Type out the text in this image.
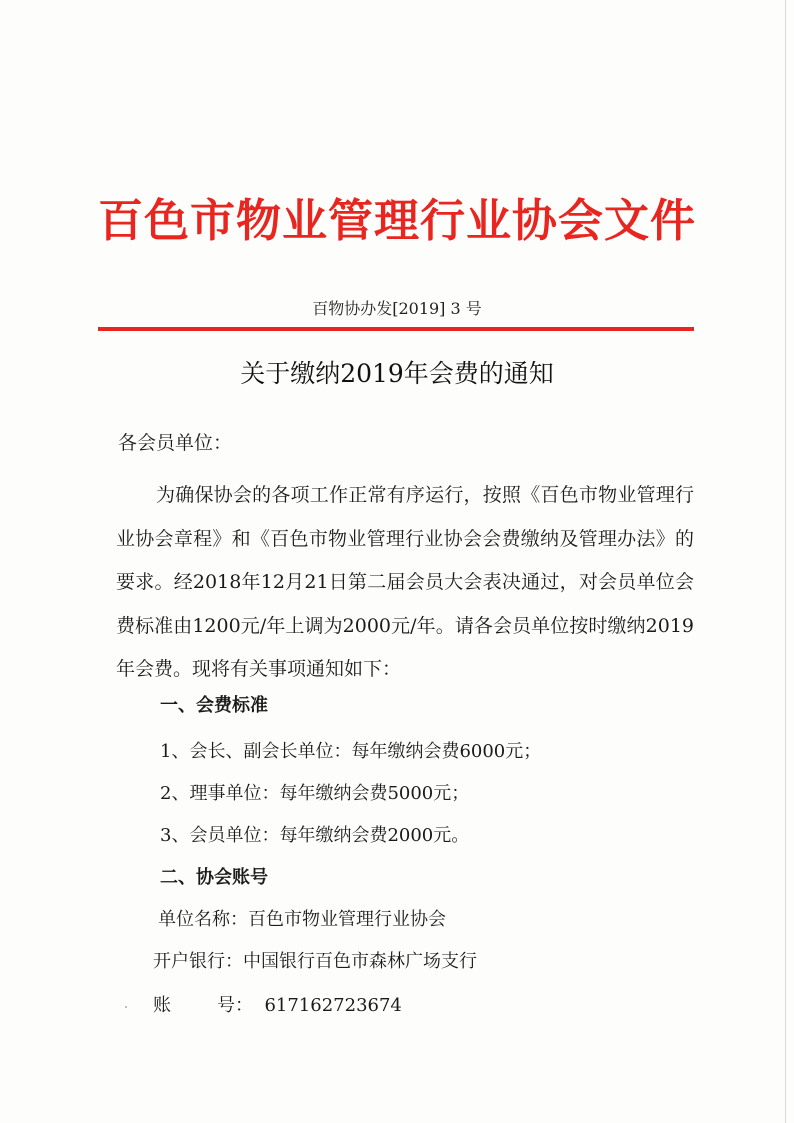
百色市物业管理行业协会文件
百物协办发[2019] 3 号
关于缴纳2019年会费的通知
各会员单位：
为确保协会的各项工作正常有序运行，按照《百色市物业管理行业协会章程》和《百色市物业管理行业协会会费缴纳及管理办法》的要求。经2018年12月21日第二届会员大会表决通过，对会员单位会费标准由1200元/年上调为2000元/年。请各会员单位按时缴纳2019年会费。现将有关事项通知如下：
一、会费标准
1、会长、副会长单位：每年缴纳会费6000元；
2、理事单位：每年缴纳会费5000元；
3、会员单位：每年缴纳会费2000元。
二、协会账号
单位名称：百色市物业管理行业协会
开户银行：中国银行百色市森林广场支行
账	号： 617162723674
